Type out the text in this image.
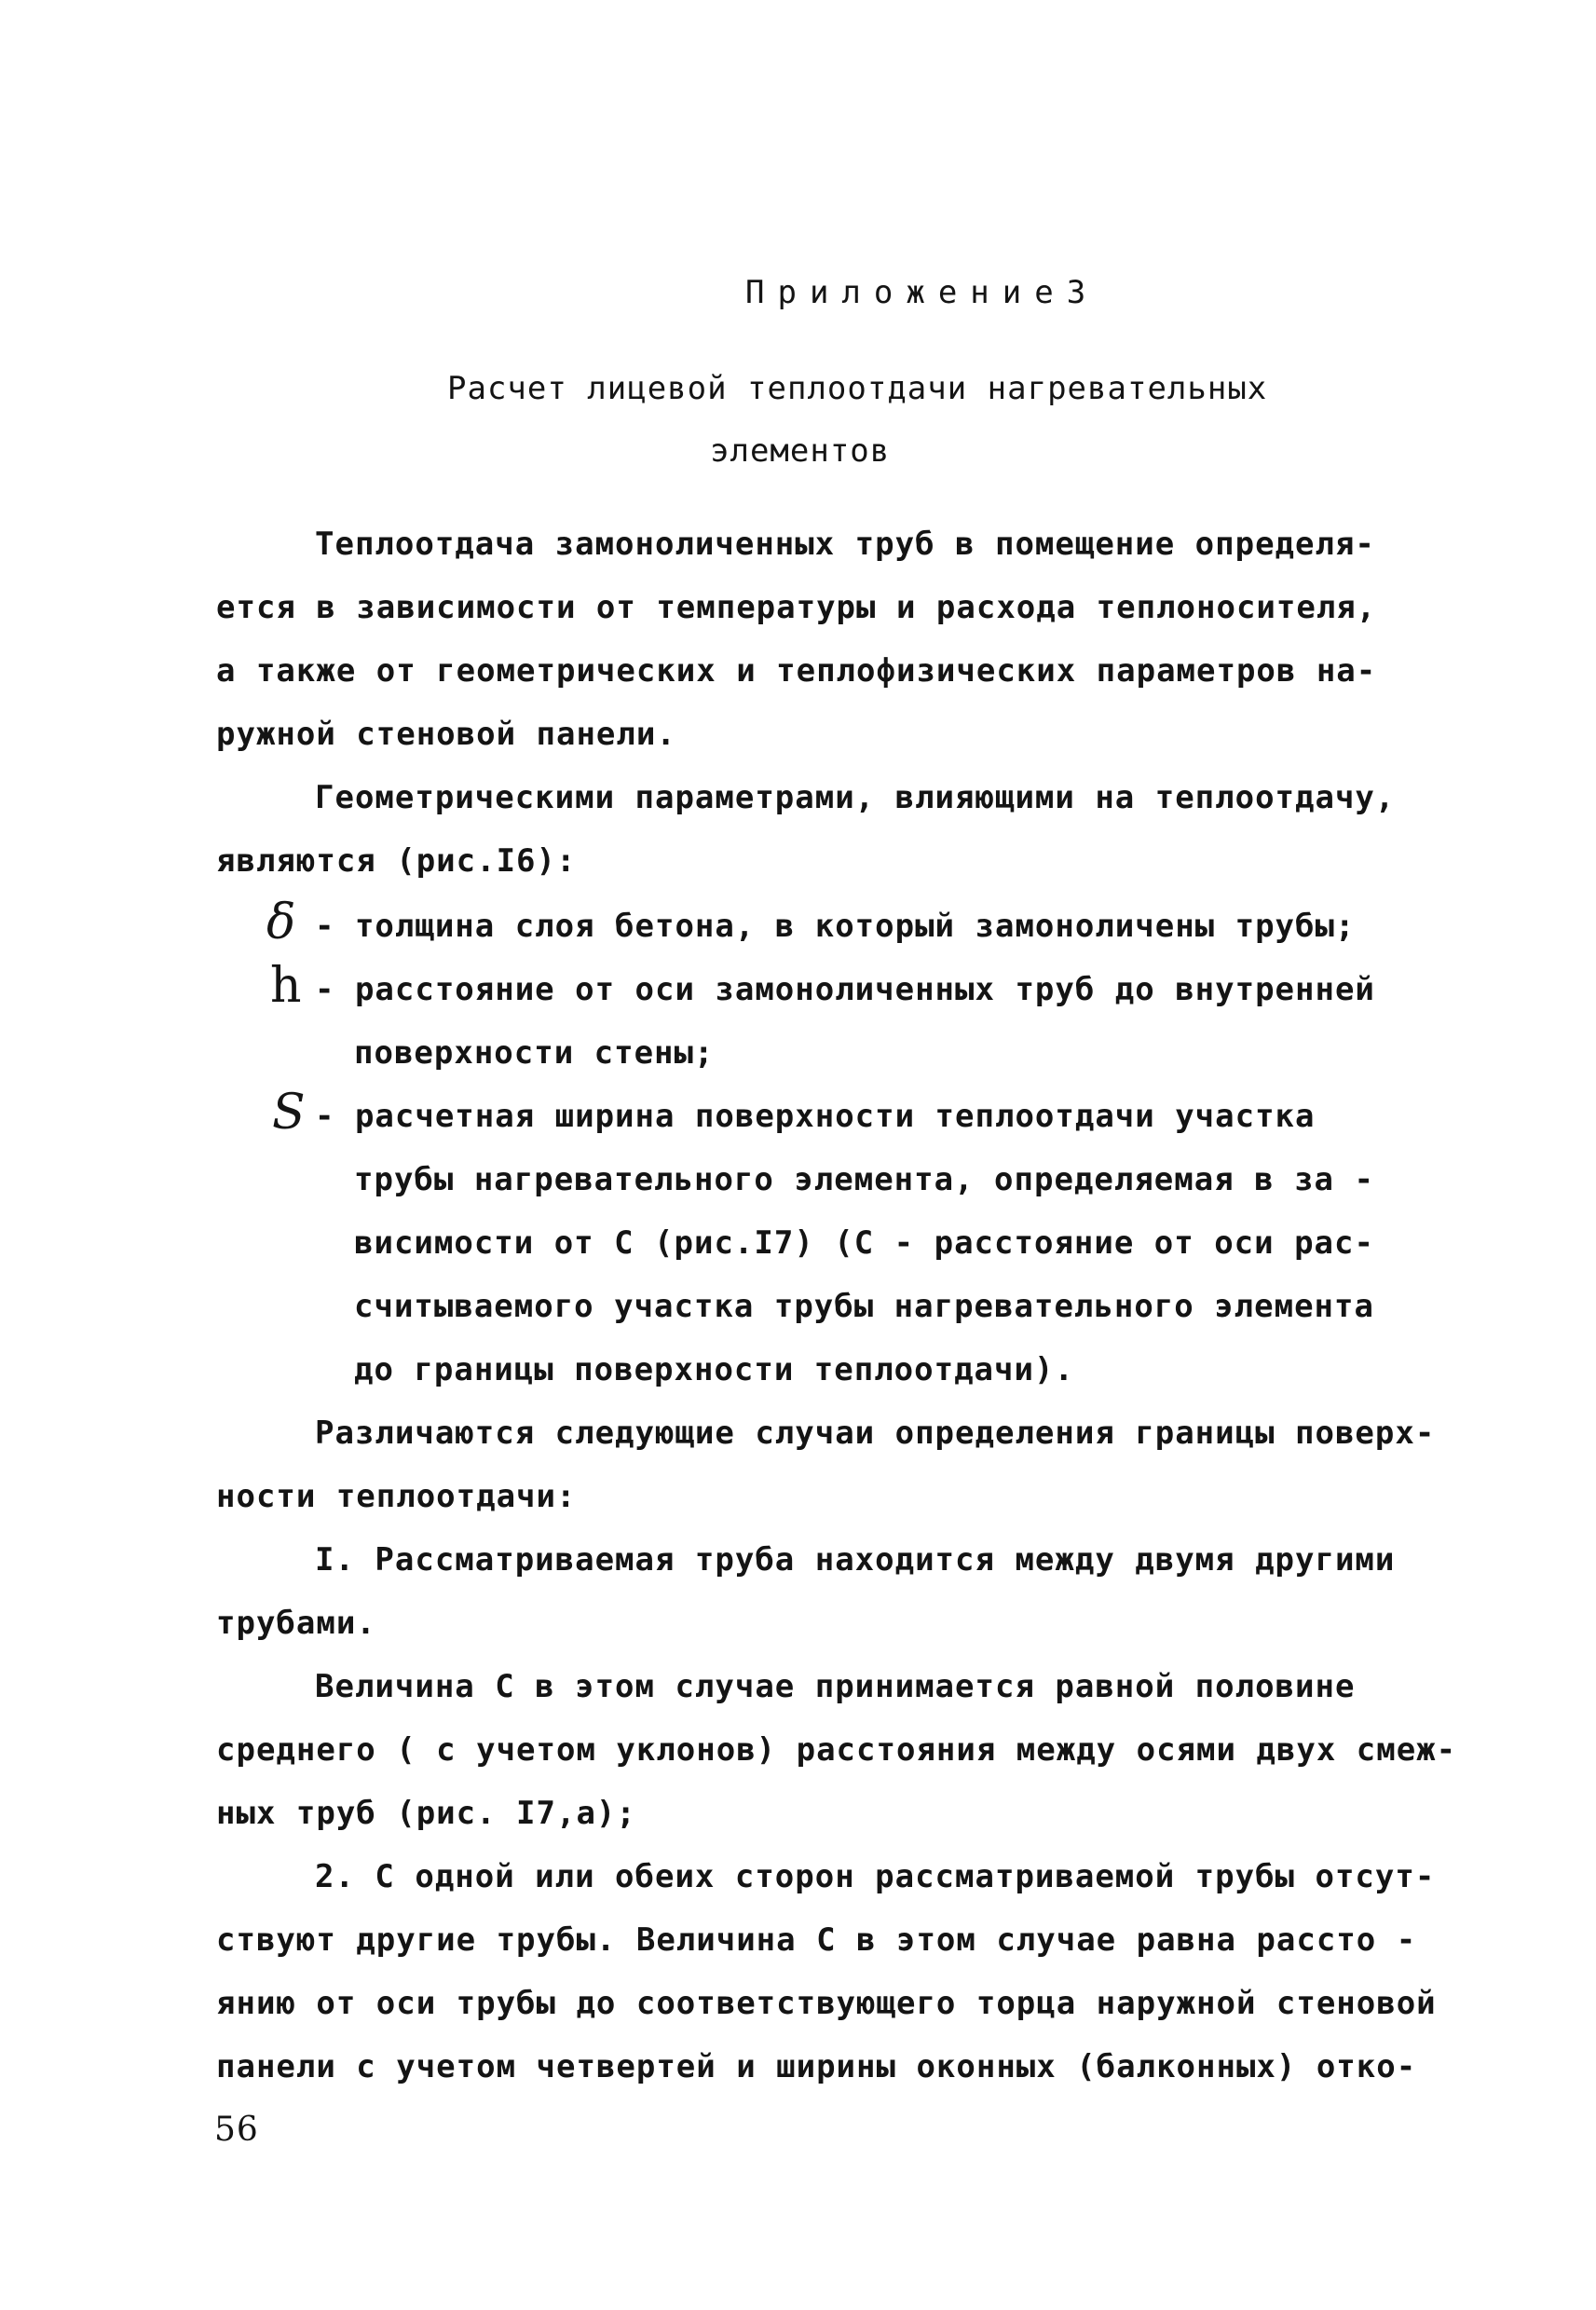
Приложение3
Расчет лицевой теплоотдачи нагревательных
элементов
Теплоотдача замоноличенных труб в помещение определя-
ется в зависимости от температуры и расхода теплоносителя,
а также от геометрических и теплофизических параметров на-
ружной стеновой панели.
Геометрическими параметрами, влияющими на теплоотдачу,
являются (рис.I6):
δ - толщина слоя бетона, в который замоноличены трубы;
h - расстояние от оси замоноличенных труб до внутренней
поверхности стены;
S - расчетная ширина поверхности теплоотдачи участка
трубы нагревательного элемента, определяемая в за -
висимости от С (рис.I7) (С - расстояние от оси рас-
считываемого участка трубы нагревательного элемента
до границы поверхности теплоотдачи).
Различаются следующие случаи определения границы поверх-
ности теплоотдачи:
I. Рассматриваемая труба находится между двумя другими
трубами.
Величина С в этом случае принимается равной половине
среднего ( с учетом уклонов) расстояния между осями двух смеж-
ных труб (рис. I7,а);
2. С одной или обеих сторон рассматриваемой трубы отсут-
ствуют другие трубы. Величина С в этом случае равна рассто -
янию от оси трубы до соответствующего торца наружной стеновой
панели с учетом четвертей и ширины оконных (балконных) отко-
56
